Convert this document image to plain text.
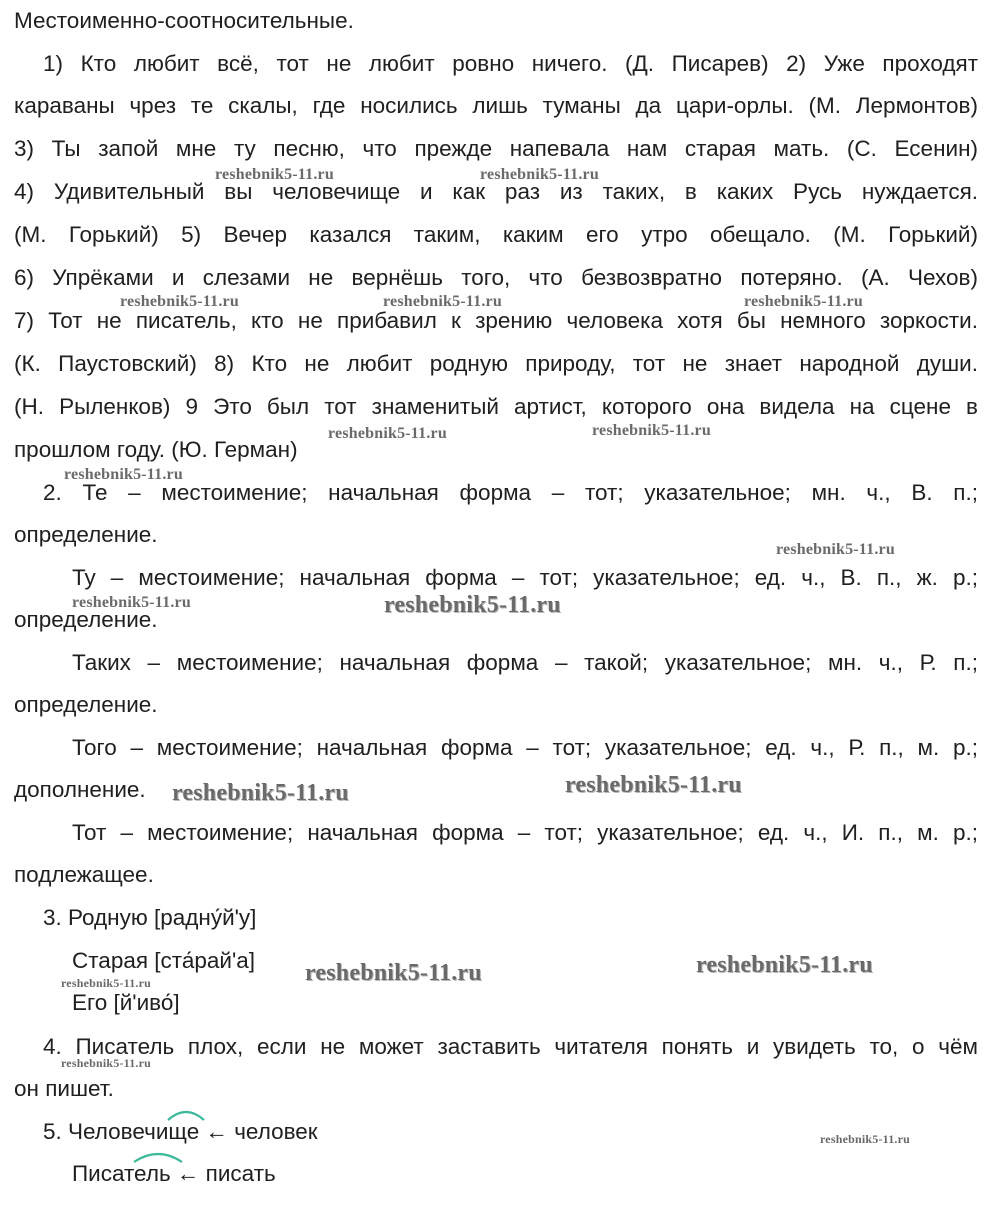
Местоименно-соотносительные.
1) Кто любит всё, тот не любит ровно ничего. (Д. Писарев) 2) Уже проходят
караваны чрез те скалы, где носились лишь туманы да цари-орлы. (М. Лермонтов)
3) Ты запой мне ту песню, что прежде напевала нам старая мать. (С. Есенин)
4) Удивительный вы человечище и как раз из таких, в каких Русь нуждается.
(М. Горький) 5) Вечер казался таким, каким его утро обещало. (М. Горький)
6) Упрёками и слезами не вернёшь того, что безвозвратно потеряно. (А. Чехов)
7) Тот не писатель, кто не прибавил к зрению человека хотя бы немного зоркости.
(К. Паустовский) 8) Кто не любит родную природу, тот не знает народной души.
(Н. Рыленков) 9 Это был тот знаменитый артист, которого она видела на сцене в
прошлом году. (Ю. Герман)
2. Те – местоимение; начальная форма – тот; указательное; мн. ч., В. п.;
определение.
Ту – местоимение; начальная форма – тот; указательное; ед. ч., В. п., ж. р.;
определение.
Таких – местоимение; начальная форма – такой; указательное; мн. ч., Р. п.;
определение.
Того – местоимение; начальная форма – тот; указательное; ед. ч., Р. п., м. р.;
дополнение.
Тот – местоимение; начальная форма – тот; указательное; ед. ч., И. п., м. р.;
подлежащее.
3. Родную [радну́й'у]
Старая [ста́рай'а]
Его [й'иво́]
4. Писатель плох, если не может заставить читателя понять и увидеть то, о чём
он пишет.
5. Человечище ← человек
Писатель ← писать
reshebnik5-11.ru	reshebnik5-11.ru
reshebnik5-11.ru	reshebnik5-11.ru	reshebnik5-11.ru
reshebnik5-11.ru	reshebnik5-11.ru
reshebnik5-11.ru
reshebnik5-11.ru
reshebnik5-11.ru	reshebnik5-11.ru
reshebnik5-11.ru	reshebnik5-11.ru
reshebnik5-11.ru	reshebnik5-11.ru
reshebnik5-11.ru
reshebnik5-11.ru
reshebnik5-11.ru
